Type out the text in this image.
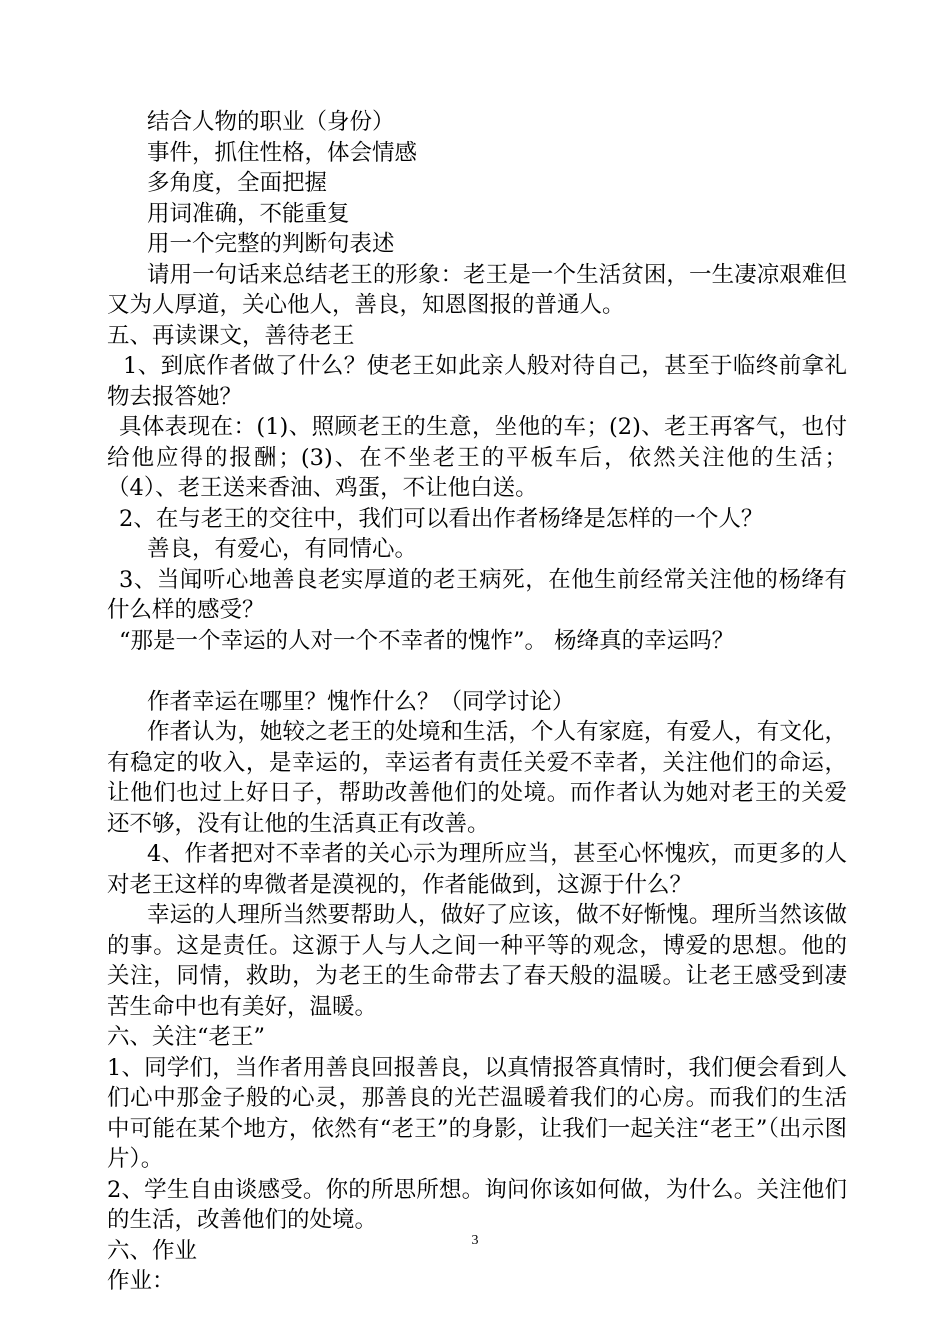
结合人物的职业（身份）

事件，抓住性格，体会情感

多角度，全面把握

用词准确，不能重复

用一个完整的判断句表述

请用一句话来总结老王的形象：老王是一个生活贫困，一生凄凉艰难但又为人厚道，关心他人，善良，知恩图报的普通人。

五、再读课文，善待老王

1、到底作者做了什么？使老王如此亲人般对待自己，甚至于临终前拿礼物去报答她？

具体表现在：(1)、照顾老王的生意，坐他的车；(2)、老王再客气，也付给他应得的报酬；(3)、在不坐老王的平板车后，依然关注他的生活；（4）、老王送来香油、鸡蛋，不让他白送。

2、在与老王的交往中，我们可以看出作者杨绛是怎样的一个人？

善良，有爱心，有同情心。

3、当闻听心地善良老实厚道的老王病死，在他生前经常关注他的杨绛有什么样的感受？

“那是一个幸运的人对一个不幸者的愧怍”。 杨绛真的幸运吗？

作者幸运在哪里？愧怍什么？（同学讨论）

作者认为，她较之老王的处境和生活，个人有家庭，有爱人，有文化，有稳定的收入，是幸运的，幸运者有责任关爱不幸者，关注他们的命运，让他们也过上好日子，帮助改善他们的处境。而作者认为她对老王的关爱还不够，没有让他的生活真正有改善。

4、作者把对不幸者的关心示为理所应当，甚至心怀愧疚，而更多的人对老王这样的卑微者是漠视的，作者能做到，这源于什么？

幸运的人理所当然要帮助人，做好了应该，做不好惭愧。理所当然该做的事。这是责任。这源于人与人之间一种平等的观念，博爱的思想。他的关注，同情，救助，为老王的生命带去了春天般的温暖。让老王感受到凄苦生命中也有美好，温暖。

六、关注“老王”

1、同学们，当作者用善良回报善良，以真情报答真情时，我们便会看到人们心中那金子般的心灵，那善良的光芒温暖着我们的心房。而我们的生活中可能在某个地方，依然有“老王”的身影，让我们一起关注“老王”（出示图片）。

2、学生自由谈感受。你的所思所想。询问你该如何做，为什么。关注他们的生活，改善他们的处境。

六、作业

作业：

3
